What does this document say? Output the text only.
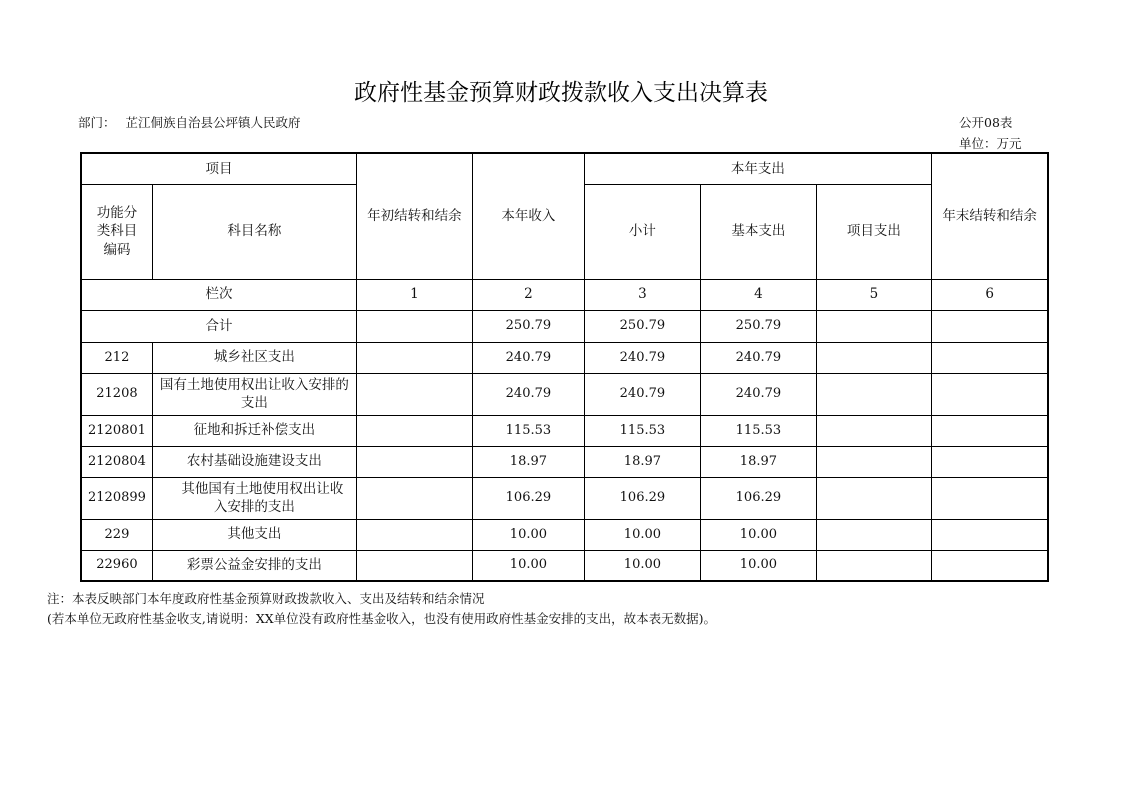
政府性基金预算财政拨款收入支出决算表
部门： 芷江侗族自治县公坪镇人民政府	公开08表
单位：万元
项目		年初结转和结余	本年收入	本年支出			年末结转和结余
功能分类科目编码	科目名称			小计	基本支出	项目支出	
栏次		1	2	3	4	5	6
合计			250.79	250.79	250.79		
212	城乡社区支出		240.79	240.79	240.79		
21208	国有土地使用权出让收入安排的支出		240.79	240.79	240.79		
2120801	征地和拆迁补偿支出		115.53	115.53	115.53		
2120804	农村基础设施建设支出		18.97	18.97	18.97		
2120899	其他国有土地使用权出让收入安排的支出		106.29	106.29	106.29		
229	其他支出		10.00	10.00	10.00		
22960	彩票公益金安排的支出		10.00	10.00	10.00		
注：本表反映部门本年度政府性基金预算财政拨款收入、支出及结转和结余情况
(若本单位无政府性基金收支,请说明：XX单位没有政府性基金收入，也没有使用政府性基金安排的支出，故本表无数据)。
